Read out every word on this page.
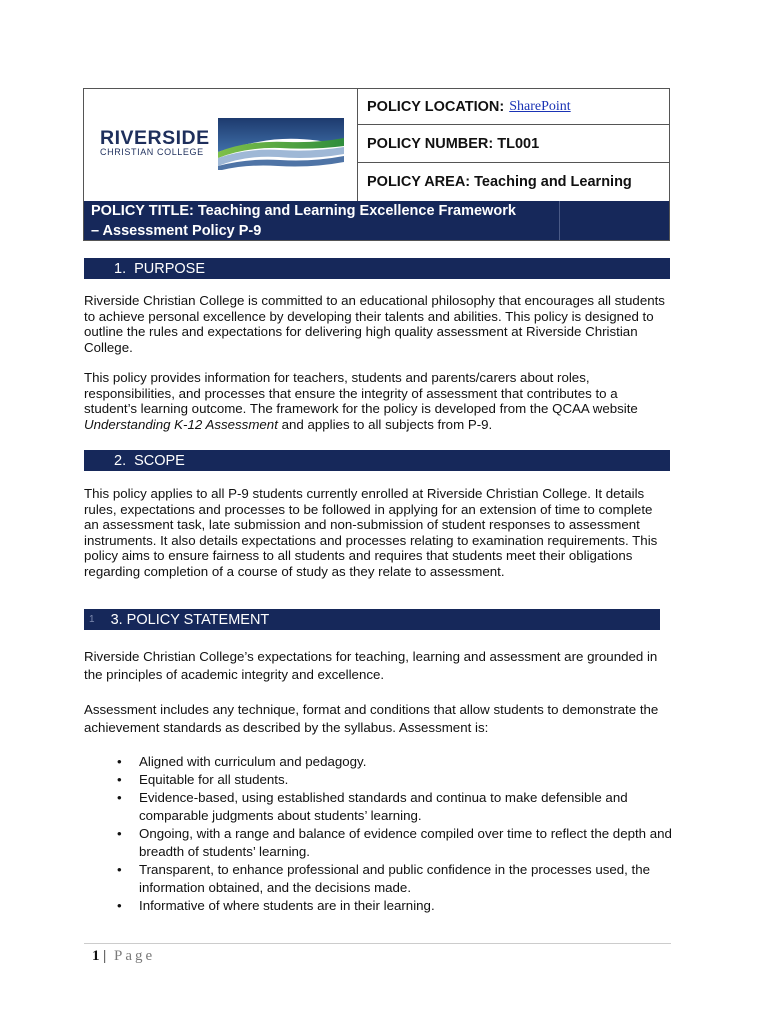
RIVERSIDE
CHRISTIAN COLLEGE
POLICY LOCATION: SharePoint
POLICY NUMBER: TL001
POLICY AREA: Teaching and Learning
POLICY TITLE: Teaching and Learning Excellence Framework
– Assessment Policy P-9
1. PURPOSE

Riverside Christian College is committed to an educational philosophy that encourages all students to achieve personal excellence by developing their talents and abilities. This policy is designed to outline the rules and expectations for delivering high quality assessment at Riverside Christian College.

This policy provides information for teachers, students and parents/carers about roles, responsibilities, and processes that ensure the integrity of assessment that contributes to a student’s learning outcome. The framework for the policy is developed from the QCAA website Understanding K-12 Assessment and applies to all subjects from P-9.

2. SCOPE

This policy applies to all P-9 students currently enrolled at Riverside Christian College. It details rules, expectations and processes to be followed in applying for an extension of time to complete an assessment task, late submission and non-submission of student responses to assessment instruments. It also details expectations and processes relating to examination requirements. This policy aims to ensure fairness to all students and requires that students meet their obligations regarding completion of a course of study as they relate to assessment.

1 3. POLICY STATEMENT

Riverside Christian College’s expectations for teaching, learning and assessment are grounded in the principles of academic integrity and excellence.

Assessment includes any technique, format and conditions that allow students to demonstrate the achievement standards as described by the syllabus. Assessment is:

• Aligned with curriculum and pedagogy.
• Equitable for all students.
• Evidence-based, using established standards and continua to make defensible and comparable judgments about students’ learning.
• Ongoing, with a range and balance of evidence compiled over time to reflect the depth and breadth of students’ learning.
• Transparent, to enhance professional and public confidence in the processes used, the information obtained, and the decisions made.
• Informative of where students are in their learning.
1 | Page
